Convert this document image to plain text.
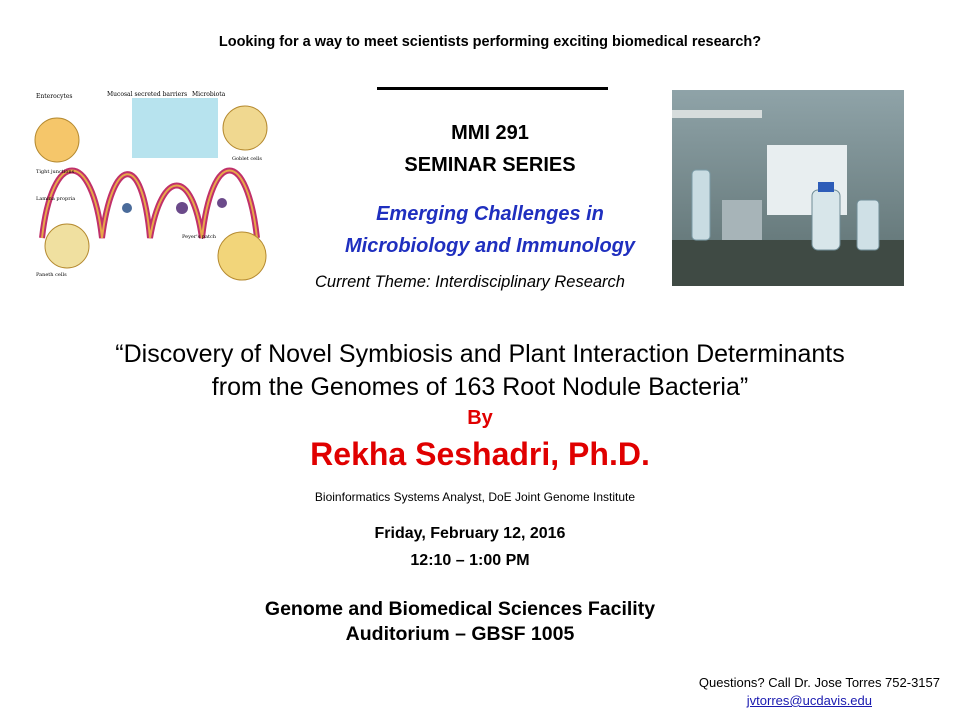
Looking for a way to meet scientists performing exciting biomedical research?
Enterocytes	Mucosal secreted barriers Microbiota
Goblet cells
Tight junctions
Lamina propria
Paneth cells
Peyer's patch
MMI 291
SEMINAR SERIES
Emerging Challenges in
Microbiology and Immunology
Current Theme: Interdisciplinary Research
“Discovery of Novel Symbiosis and Plant Interaction Determinants
from the Genomes of 163 Root Nodule Bacteria”
By
Rekha Seshadri, Ph.D.
Bioinformatics Systems Analyst, DoE Joint Genome Institute
Friday, February 12, 2016
12:10 – 1:00 PM
Genome and Biomedical Sciences Facility
Auditorium – GBSF 1005
Questions? Call Dr. Jose Torres 752-3157
jvtorres@ucdavis.edu
